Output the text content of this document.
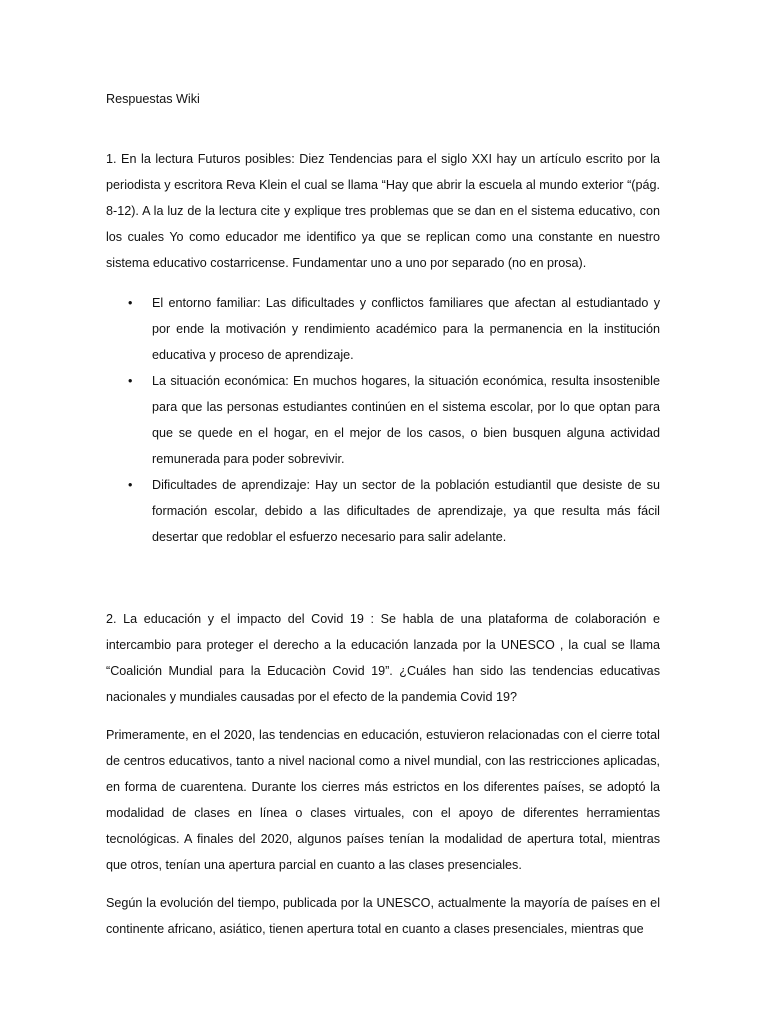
Respuestas Wiki

1. En la lectura Futuros posibles: Diez Tendencias para el siglo XXI hay un artículo escrito por la periodista y escritora Reva Klein el cual se llama “Hay que abrir la escuela al mundo exterior “(pág. 8-12). A la luz de la lectura cite y explique tres problemas que se dan en el sistema educativo, con los cuales Yo como educador me identifico ya que se replican como una constante en nuestro sistema educativo costarricense. Fundamentar uno a uno por separado (no en prosa).

• El entorno familiar: Las dificultades y conflictos familiares que afectan al estudiantado y por ende la motivación y rendimiento académico para la permanencia en la institución educativa y proceso de aprendizaje.
• La situación económica: En muchos hogares, la situación económica, resulta insostenible para que las personas estudiantes continúen en el sistema escolar, por lo que optan para que se quede en el hogar, en el mejor de los casos, o bien busquen alguna actividad remunerada para poder sobrevivir.
• Dificultades de aprendizaje: Hay un sector de la población estudiantil que desiste de su formación escolar, debido a las dificultades de aprendizaje, ya que resulta más fácil desertar que redoblar el esfuerzo necesario para salir adelante.

2. La educación y el impacto del Covid 19 : Se habla de una plataforma de colaboración e intercambio para proteger el derecho a la educación lanzada por la UNESCO , la cual se llama “Coalición Mundial para la Educaciòn Covid 19”. ¿Cuáles han sido las tendencias educativas nacionales y mundiales causadas por el efecto de la pandemia Covid 19?

Primeramente, en el 2020, las tendencias en educación, estuvieron relacionadas con el cierre total de centros educativos, tanto a nivel nacional como a nivel mundial, con las restricciones aplicadas, en forma de cuarentena. Durante los cierres más estrictos en los diferentes países, se adoptó la modalidad de clases en línea o clases virtuales, con el apoyo de diferentes herramientas tecnológicas. A finales del 2020, algunos países tenían la modalidad de apertura total, mientras que otros, tenían una apertura parcial en cuanto a las clases presenciales.

Según la evolución del tiempo, publicada por la UNESCO, actualmente la mayoría de países en el continente africano, asiático, tienen apertura total en cuanto a clases presenciales, mientras que
